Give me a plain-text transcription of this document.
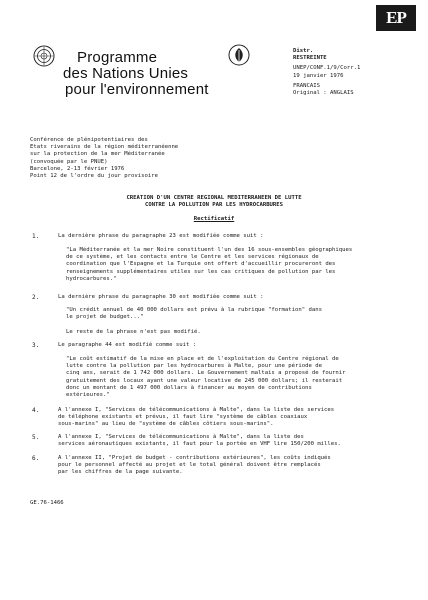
Programme
des Nations Unies
pour l'environnement
EP
Distr.
RESTREINTE
UNEP/CONF.1/9/Corr.1
19 janvier 1976
FRANCAIS
Original : ANGLAIS
Conférence de plénipotentiaires des
Etats riverains de la région méditerranéenne
sur la protection de la mer Méditerranée
(convoquée par le PNUE)
Barcelone, 2-13 février 1976
Point 12 de l'ordre du jour provisoire
CREATION D'UN CENTRE REGIONAL MEDITERRANEEN DE LUTTE
CONTRE LA POLLUTION PAR LES HYDROCARBURES
Rectificatif
1.	La dernière phrase du paragraphe 23 est modifiée comme suit :
"La Méditerranée et la mer Noire constituent l'un des 16 sous-ensembles géographiques
de ce système, et les contacts entre le Centre et les services régionaux de
coordination que l'Espagne et la Turquie ont offert d'accueillir procureront des
renseignements supplémentaires utiles sur les cas critiques de pollution par les
hydrocarbures."
2.	La dernière phrase du paragraphe 30 est modifiée comme suit :
"Un crédit annuel de 40 000 dollars est prévu à la rubrique "formation" dans
le projet de budget..."
Le reste de la phrase n'est pas modifié.
3.	Le paragraphe 44 est modifié comme suit :
"Le coût estimatif de la mise en place et de l'exploitation du Centre régional de
lutte contre la pollution par les hydrocarbures à Malte, pour une période de
cinq ans, serait de 1 742 000 dollars. Le Gouvernement maltais a proposé de fournir
gratuitement des locaux ayant une valeur locative de 245 000 dollars; il resterait
donc un montant de 1 497 000 dollars à financer au moyen de contributions
extérieures."
4.	A l'annexe I, "Services de télécommunications à Malte", dans la liste des services
de téléphone existants et prévus, il faut lire "système de câbles coaxiaux
sous-marins" au lieu de "système de câbles côtiers sous-marins".
5.	A l'annexe I, "Services de télécommunications à Malte", dans la liste des
services aéronautiques existants, il faut pour la portée en VHF lire 150/200 milles.
6.	A l'annexe II, "Projet de budget - contributions extérieures", les coûts indiqués
pour le personnel affecté au projet et le total général doivent être remplacés
par les chiffres de la page suivante.
GE.76-1466
